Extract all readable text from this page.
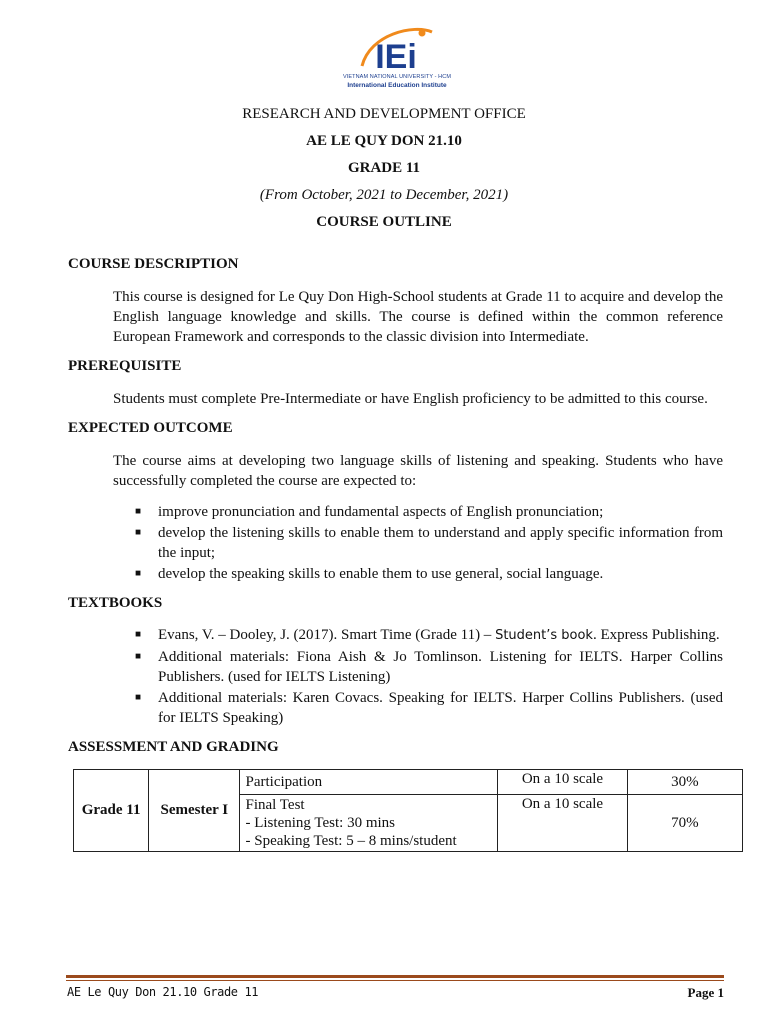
IEi
VIETNAM NATIONAL UNIVERSITY - HCM
International Education Institute
RESEARCH AND DEVELOPMENT OFFICE
AE LE QUY DON 21.10
GRADE 11
(From October, 2021 to December, 2021)
COURSE OUTLINE
COURSE DESCRIPTION
This course is designed for Le Quy Don High-School students at Grade 11 to acquire and develop the English language knowledge and skills. The course is defined within the common reference European Framework and corresponds to the classic division into Intermediate.
PREREQUISITE
Students must complete Pre-Intermediate or have English proficiency to be admitted to this course.
EXPECTED OUTCOME
The course aims at developing two language skills of listening and speaking. Students who have successfully completed the course are expected to:
■ improve pronunciation and fundamental aspects of English pronunciation;
■ develop the listening skills to enable them to understand and apply specific information from the input;
■ develop the speaking skills to enable them to use general, social language.
TEXTBOOKS
■ Evans, V. – Dooley, J. (2017). Smart Time (Grade 11) – Student’s book. Express Publishing.
■ Additional materials: Fiona Aish & Jo Tomlinson. Listening for IELTS. Harper Collins Publishers. (used for IELTS Listening)
■ Additional materials: Karen Covacs. Speaking for IELTS. Harper Collins Publishers. (used for IELTS Speaking)
ASSESSMENT AND GRADING
Grade 11	Semester I	Participation	On a 10 scale	30%

		Final Test
- Listening Test: 30 mins
- Speaking Test: 5 – 8 mins/student	On a 10 scale	70%
AE Le Quy Don 21.10 Grade 11	Page 1
